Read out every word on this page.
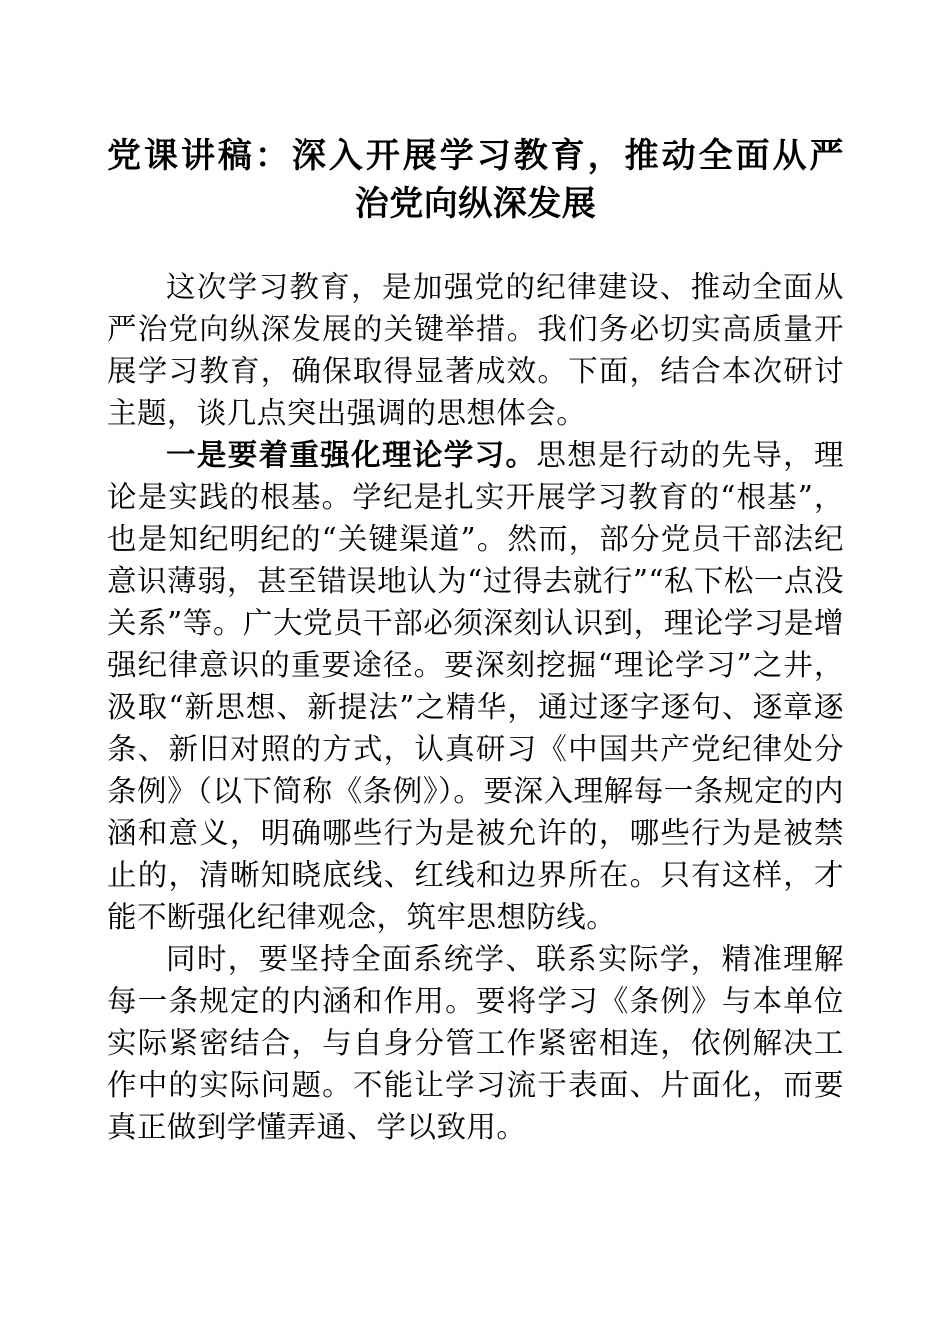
党课讲稿：深入开展学习教育，推动全面从严
治党向纵深发展

这次学习教育，是加强党的纪律建设、推动全面从严治党向纵深发展的关键举措。我们务必切实高质量开展学习教育，确保取得显著成效。下面，结合本次研讨主题，谈几点突出强调的思想体会。

一是要着重强化理论学习。思想是行动的先导，理论是实践的根基。学纪是扎实开展学习教育的“根基”，也是知纪明纪的“关键渠道”。然而，部分党员干部法纪意识薄弱，甚至错误地认为“过得去就行”“私下松一点没关系”等。广大党员干部必须深刻认识到，理论学习是增强纪律意识的重要途径。要深刻挖掘“理论学习”之井，汲取“新思想、新提法”之精华，通过逐字逐句、逐章逐条、新旧对照的方式，认真研习《中国共产党纪律处分条例》（以下简称《条例》）。要深入理解每一条规定的内涵和意义，明确哪些行为是被允许的，哪些行为是被禁止的，清晰知晓底线、红线和边界所在。只有这样，才能不断强化纪律观念，筑牢思想防线。

同时，要坚持全面系统学、联系实际学，精准理解每一条规定的内涵和作用。要将学习《条例》与本单位实际紧密结合，与自身分管工作紧密相连，依例解决工作中的实际问题。不能让学习流于表面、片面化，而要真正做到学懂弄通、学以致用。
